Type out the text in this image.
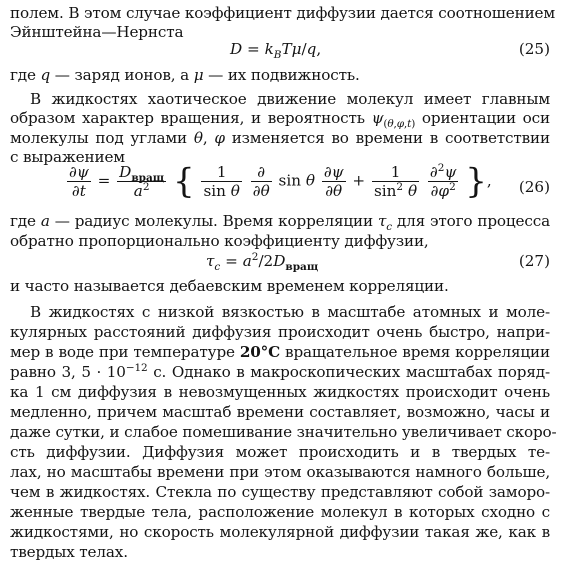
полем. В этом случае коэффициент диффузии дается соотношением
Эйнштейна—Нернста
$D = k_BT\mu/q$,	(25)
где q — заряд ионов, а μ — их подвижность.
В жидкостях хаотическое движение молекул имеет главным
образом характер вращения, и вероятность $\psi_{(\theta,\varphi,t)}$ ориентации оси
молекулы под углами θ, φ изменяется во времени в соответствии
с выражением
$\frac{\partial\psi}{\partial t} = \frac{D_{вращ}}{a^2}$ { $\frac{1}{\text{sin θ}}$
$\frac{\partial}{\partial\theta}$ sin θ $\frac{\partial\psi}{\partial\theta} + \frac{1}{\sin^2 \theta}$
$\frac{\partial^2\psi}{\partial\varphi^2}$ }, (26)
где a — радиус молекулы. Время корреляции $\tau_c$ для этого процесса
обратно пропорционально коэффициенту диффузии,
$\tau_c = a^2/2D_{вращ}$	(27)
и часто называется дебаевским временем корреляции.
В жидкостях с низкой вязкостью в масштабе атомных и моле-
кулярных расстояний диффузия происходит очень быстро, напри-
мер в воде при температуре 20°C вращательное время корреляции
равно 3, $5 \cdot 10^{-12}$ с. Однако в макроскопических масштабах поряд-
ка 1 см диффузия в невозмущенных жидкостях происходит очень
медленно, причем масштаб времени составляет, возможно, часы и
даже сутки, и слабое помешивание значительно увеличивает скоро-
сть диффузии. Диффузия может происходить и в твердых те-
лах, но масштабы времени при этом оказываются намного больше,
чем в жидкостях. Стекла по существу представляют собой заморо-
женные твердые тела, расположение молекул в которых сходно с
жидкостями, но скорость молекулярной диффузии такая же, как в
твердых телах.
